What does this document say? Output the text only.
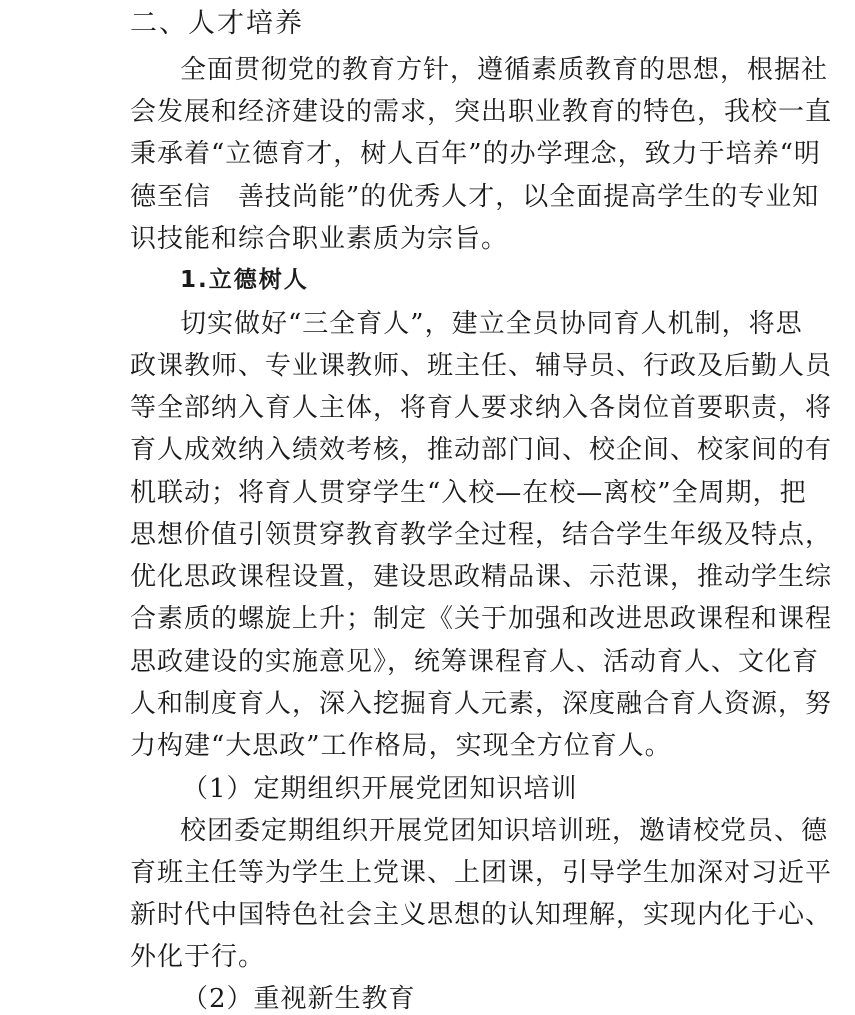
二、人才培养
全面贯彻党的教育方针，遵循素质教育的思想，根据社
会发展和经济建设的需求，突出职业教育的特色，我校一直
秉承着“立德育才，树人百年”的办学理念，致力于培养“明
德至信　善技尚能”的优秀人才，以全面提高学生的专业知
识技能和综合职业素质为宗旨。
1.立德树人
切实做好“三全育人”，建立全员协同育人机制，将思
政课教师、专业课教师、班主任、辅导员、行政及后勤人员
等全部纳入育人主体，将育人要求纳入各岗位首要职责，将
育人成效纳入绩效考核，推动部门间、校企间、校家间的有
机联动；将育人贯穿学生“入校—在校—离校”全周期，把
思想价值引领贯穿教育教学全过程，结合学生年级及特点，
优化思政课程设置，建设思政精品课、示范课，推动学生综
合素质的螺旋上升；制定《关于加强和改进思政课程和课程
思政建设的实施意见》，统筹课程育人、活动育人、文化育
人和制度育人，深入挖掘育人元素，深度融合育人资源，努
力构建“大思政”工作格局，实现全方位育人。
（1）定期组织开展党团知识培训
校团委定期组织开展党团知识培训班，邀请校党员、德
育班主任等为学生上党课、上团课，引导学生加深对习近平
新时代中国特色社会主义思想的认知理解，实现内化于心、
外化于行。
（2）重视新生教育
